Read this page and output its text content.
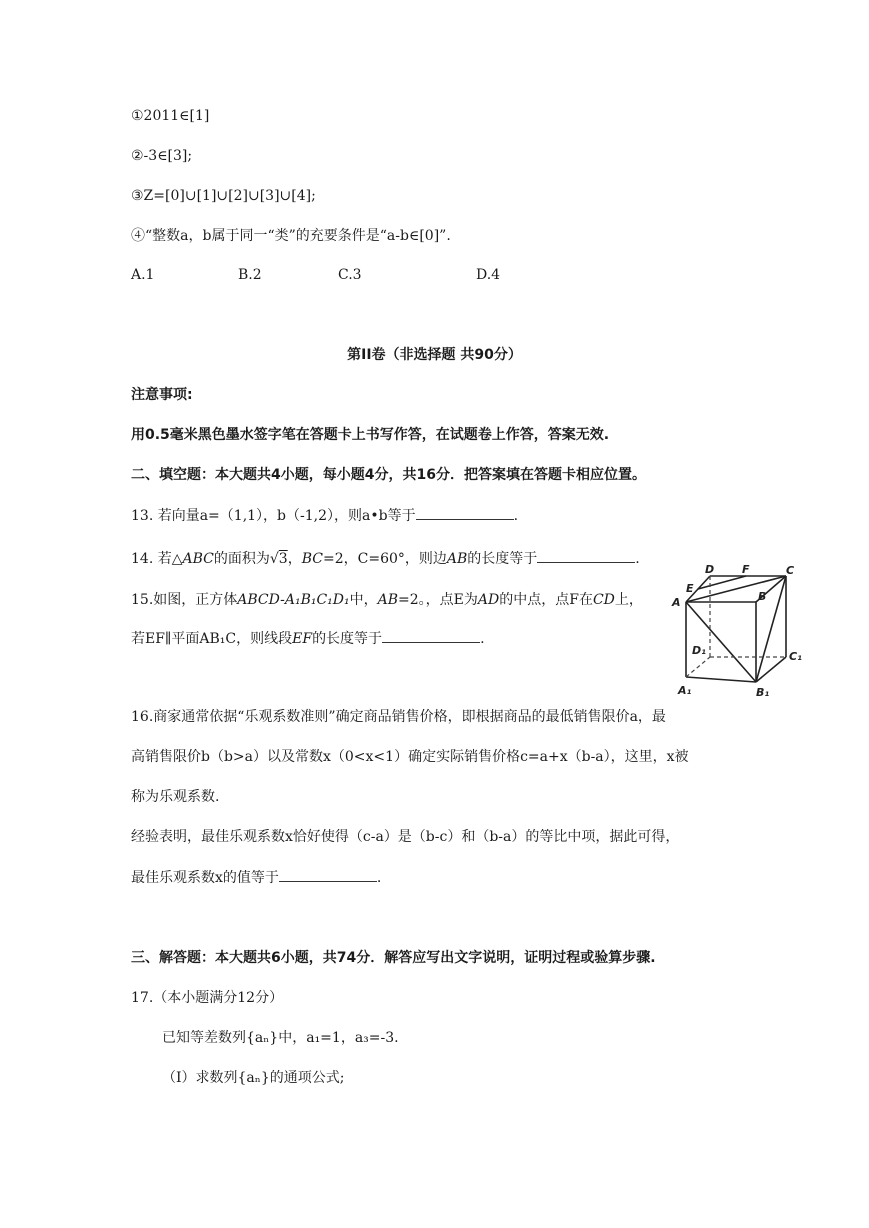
①2011∈[1]
②-3∈[3];
③Z=[0]∪[1]∪[2]∪[3]∪[4];
④“整数a，b属于同一“类”的充要条件是“a-b∈[0]”.
A.1	B.2	C.3	D.4
第II卷（非选择题 共90分）
注意事项:
用0.5毫米黑色墨水签字笔在答题卡上书写作答，在试题卷上作答，答案无效.
二、填空题：本大题共4小题，每小题4分，共16分．把答案填在答题卡相应位置。
13. 若向量a=（1,1），b（-1,2），则a•b等于	.
14. 若△ABC的面积为√3，BC=2，C=60°，则边AB的长度等于	.
15.如图，正方体ABCD-A₁B₁C₁D₁中，AB=2。，点E为AD的中点，点F在CD上，
若EF∥平面AB₁C，则线段EF的长度等于	.
D	F	C
E
B
A
D₁	C₁
A₁	B₁
16.商家通常依据“乐观系数准则”确定商品销售价格，即根据商品的最低销售限价a，最
高销售限价b（b>a）以及常数x（0<x<1）确定实际销售价格c=a+x（b-a），这里，x被
称为乐观系数.
经验表明，最佳乐观系数x恰好使得（c-a）是（b-c）和（b-a）的等比中项，据此可得，
最佳乐观系数x的值等于	.
三、解答题：本大题共6小题，共74分．解答应写出文字说明，证明过程或验算步骤.
17.（本小题满分12分）
已知等差数列{aₙ}中，a₁=1，a₃=-3.
（I）求数列{aₙ}的通项公式;
